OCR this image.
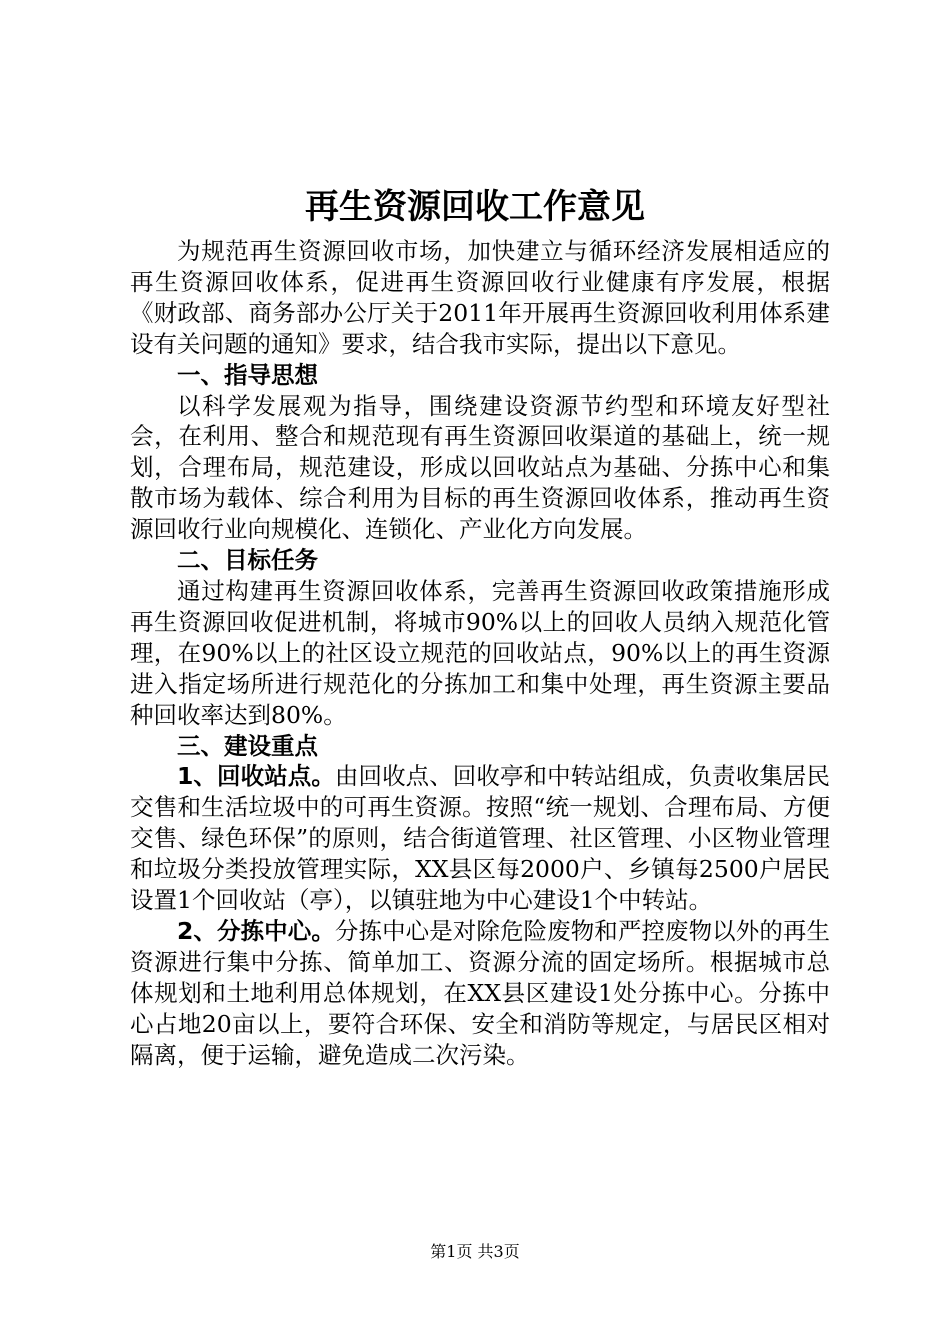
再生资源回收工作意见

为规范再生资源回收市场，加快建立与循环经济发展相适应的再生资源回收体系，促进再生资源回收行业健康有序发展，根据《财政部、商务部办公厅关于2011年开展再生资源回收利用体系建设有关问题的通知》要求，结合我市实际，提出以下意见。

一、指导思想

以科学发展观为指导，围绕建设资源节约型和环境友好型社会，在利用、整合和规范现有再生资源回收渠道的基础上，统一规划，合理布局，规范建设，形成以回收站点为基础、分拣中心和集散市场为载体、综合利用为目标的再生资源回收体系，推动再生资源回收行业向规模化、连锁化、产业化方向发展。

二、目标任务

通过构建再生资源回收体系，完善再生资源回收政策措施形成再生资源回收促进机制，将城市90%以上的回收人员纳入规范化管理，在90%以上的社区设立规范的回收站点，90%以上的再生资源进入指定场所进行规范化的分拣加工和集中处理，再生资源主要品种回收率达到80%。

三、建设重点

1、回收站点。由回收点、回收亭和中转站组成，负责收集居民交售和生活垃圾中的可再生资源。按照“统一规划、合理布局、方便交售、绿色环保”的原则，结合街道管理、社区管理、小区物业管理和垃圾分类投放管理实际，XX县区每2000户、乡镇每2500户居民设置1个回收站（亭），以镇驻地为中心建设1个中转站。

2、分拣中心。分拣中心是对除危险废物和严控废物以外的再生资源进行集中分拣、简单加工、资源分流的固定场所。根据城市总体规划和土地利用总体规划，在XX县区建设1处分拣中心。分拣中心占地20亩以上，要符合环保、安全和消防等规定，与居民区相对隔离，便于运输，避免造成二次污染。

第1页 共3页
